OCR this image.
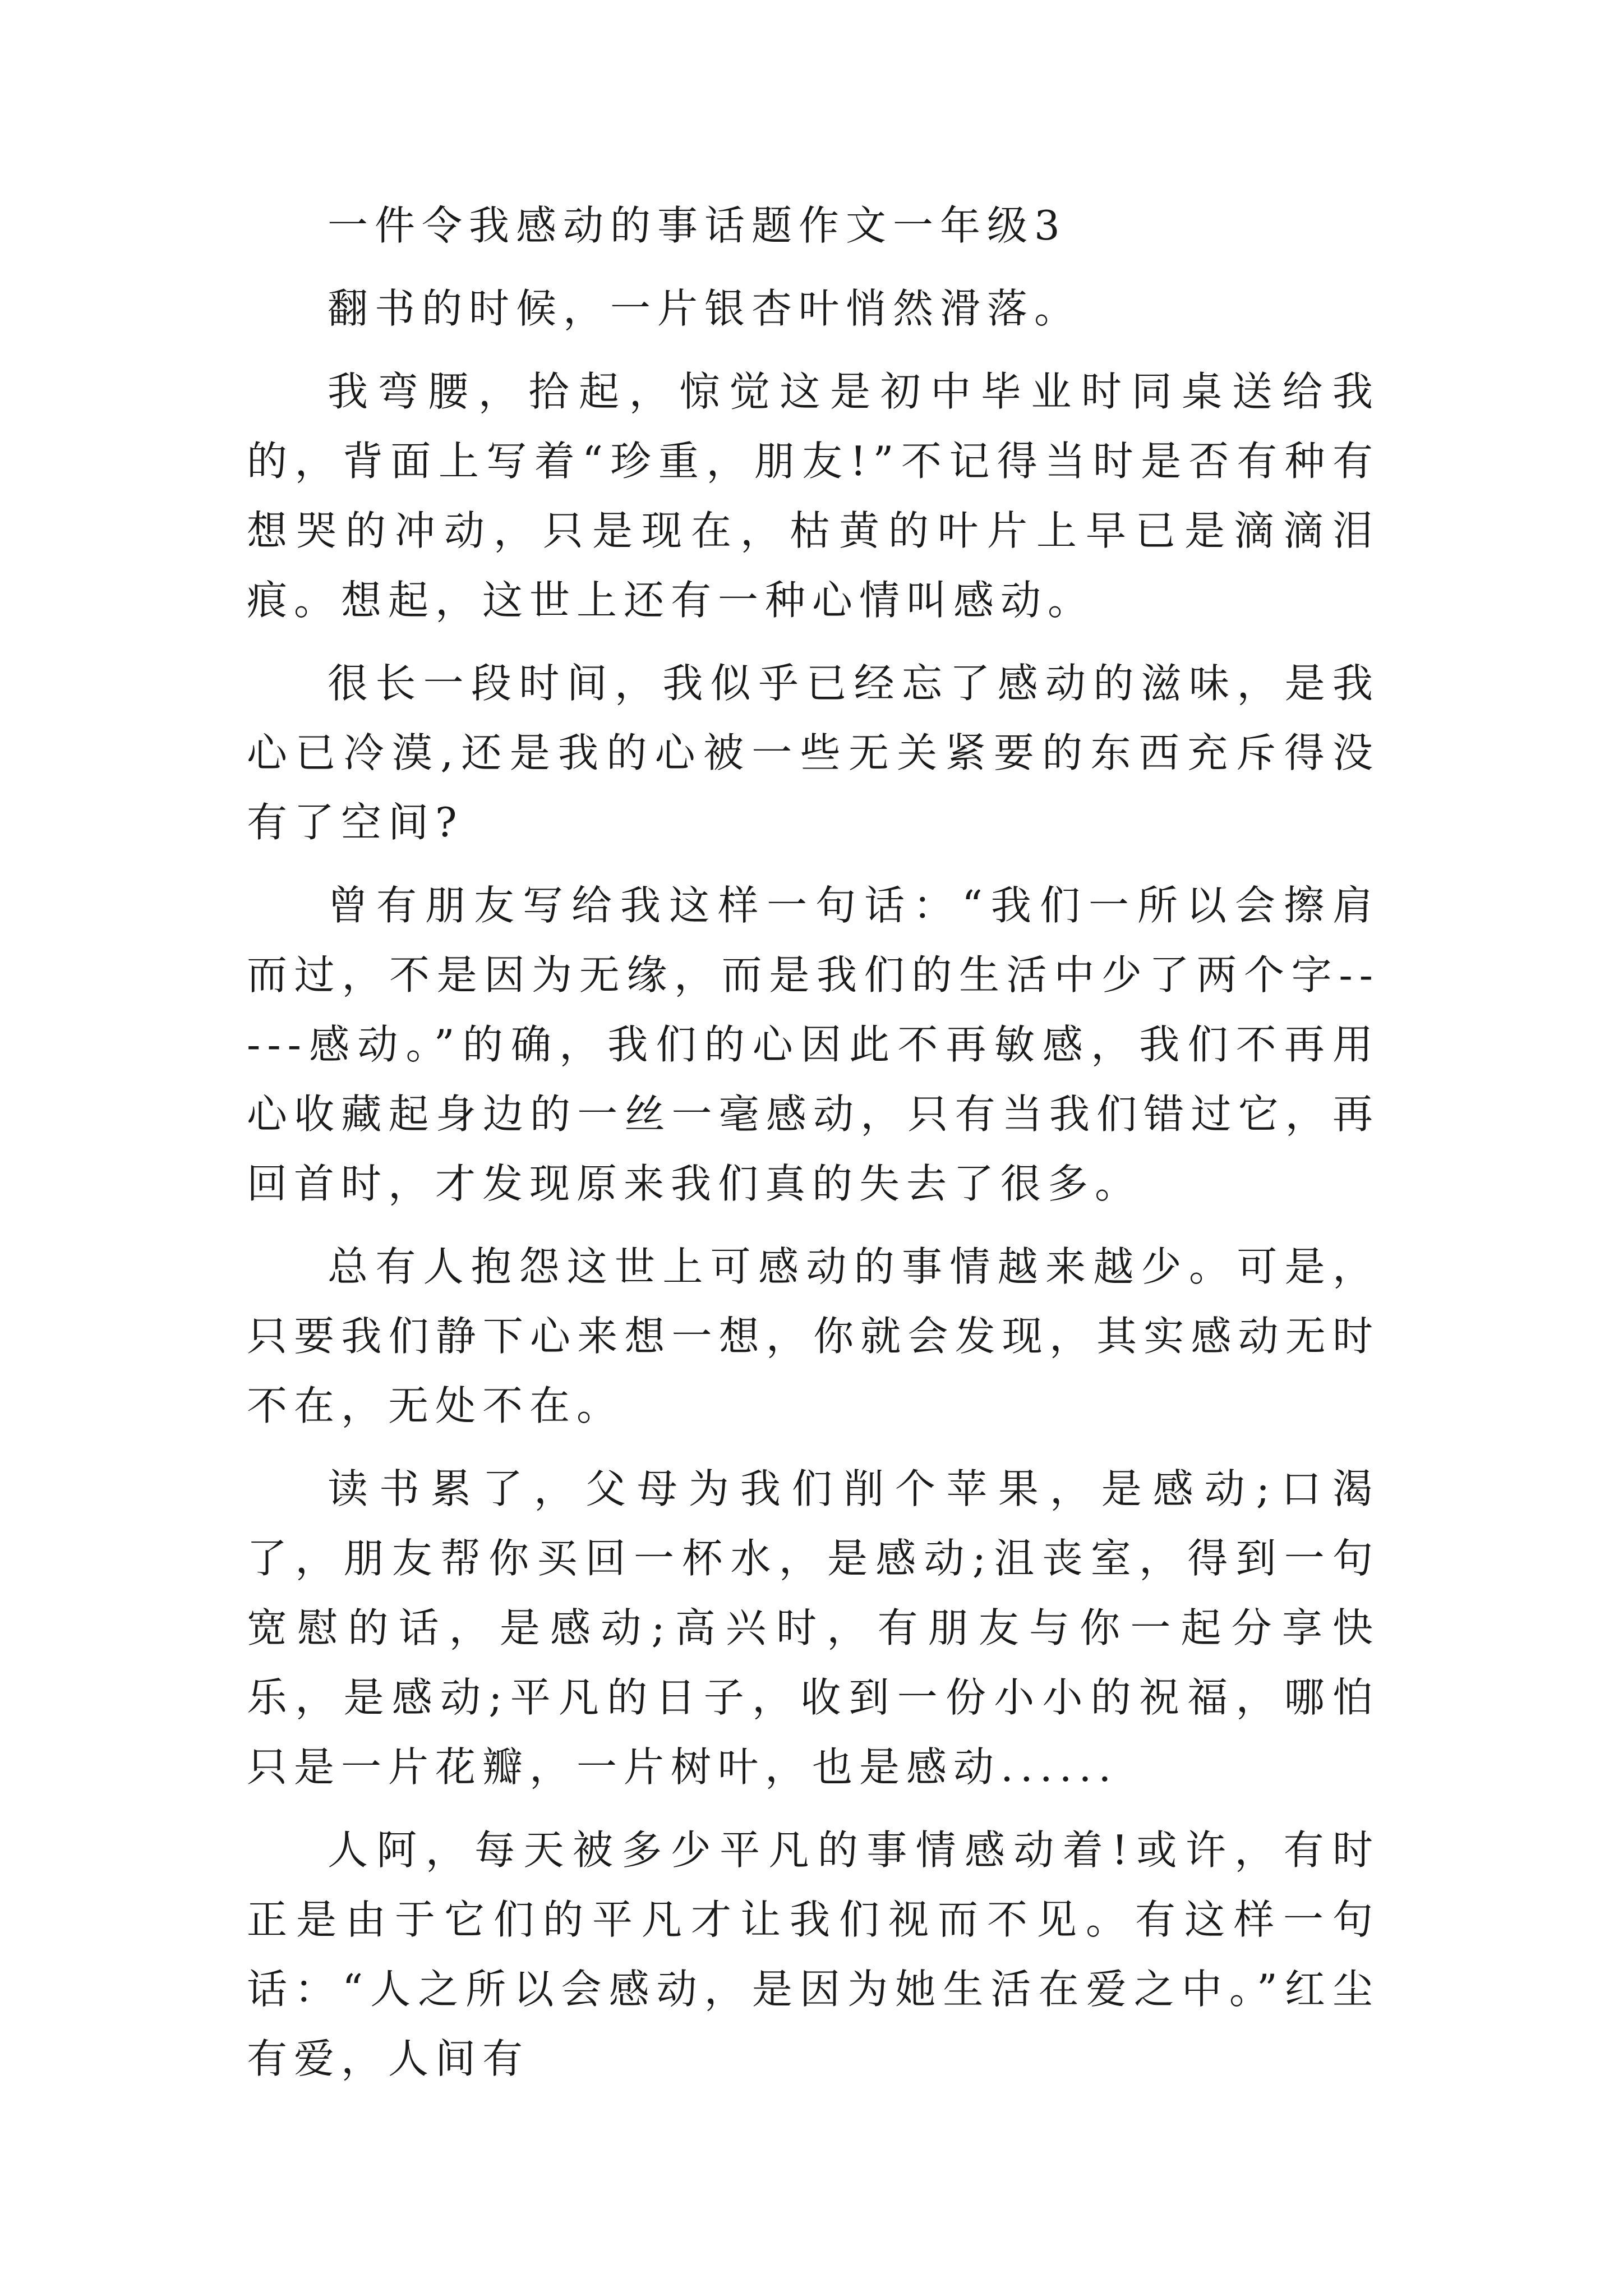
一件令我感动的事话题作文一年级3

翻书的时候，一片银杏叶悄然滑落。

我弯腰，拾起，惊觉这是初中毕业时同桌送给我的，背面上写着“珍重，朋友!”不记得当时是否有种有想哭的冲动，只是现在，枯黄的叶片上早已是滴滴泪痕。想起，这世上还有一种心情叫感动。

很长一段时间，我似乎已经忘了感动的滋味，是我心已冷漠,还是我的心被一些无关紧要的东西充斥得没有了空间?

曾有朋友写给我这样一句话：“我们一所以会擦肩而过，不是因为无缘，而是我们的生活中少了两个字-----感动。”的确，我们的心因此不再敏感，我们不再用心收藏起身边的一丝一毫感动，只有当我们错过它，再回首时，才发现原来我们真的失去了很多。

总有人抱怨这世上可感动的事情越来越少。可是，只要我们静下心来想一想，你就会发现，其实感动无时不在，无处不在。

读书累了，父母为我们削个苹果，是感动;口渴了，朋友帮你买回一杯水，是感动;沮丧室，得到一句宽慰的话，是感动;高兴时，有朋友与你一起分享快乐，是感动;平凡的日子，收到一份小小的祝福，哪怕只是一片花瓣，一片树叶，也是感动......

人阿，每天被多少平凡的事情感动着!或许，有时正是由于它们的平凡才让我们视而不见。有这样一句话：“人之所以会感动，是因为她生活在爱之中。”红尘有爱，人间有
